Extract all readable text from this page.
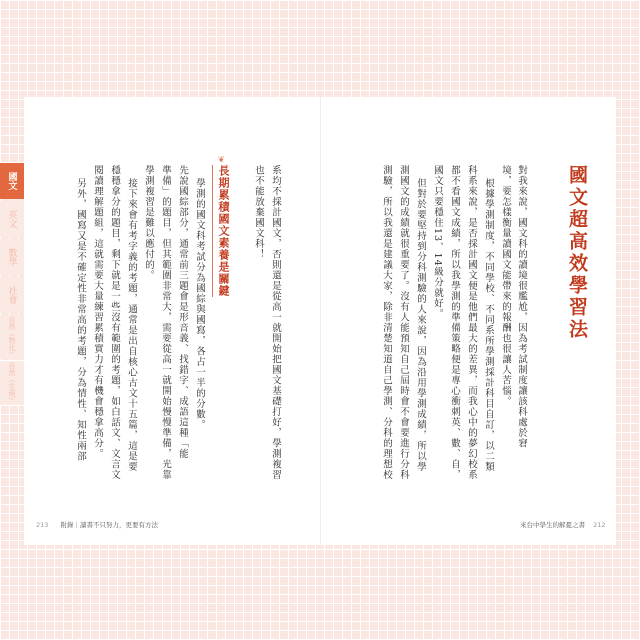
國文
英文
數學
社會
自然
（物化）
自然
（生地）
國文超高效學習法
對我來說，國文科的讀境很尷尬，因為考試制度讓該科處於窘
境，要怎樣衡量讀國文能帶來的報酬也很讓人苦惱。
根據學測制度，不同學校、不同系所學測採計科目自訂，以二類
科系來說，是否採計國文便是他們最大的差異，而我心中的夢幻校系
都不看國文成績，所以我學測的準備策略便是專心衝刺英、數、自，
國文只要穩住13、14級分就好。
但對於要堅持到分科測驗的人來說，因為沿用學測成績，所以學
測國文的成績就很重要了。沒有人能預知自己屆時會不會要進行分科
測驗，所以我還是建議大家，除非清楚知道自己學測、分科的理想校
系均不採計國文，否則還是從高一就開始把國文基礎打好，學測複習
也不能放棄國文科！
❦
長期累積國文素養是關鍵
學測的國文科考試分為國綜與國寫，各占一半的分數。
先說國綜部分，通常前三題會是形音義、找錯字、成語這種「能
準備」的題目，但其範圍非常大，需要從高一就開始慢慢準備，光靠
學測複習是難以應付的。
接下來會有考字義的考題，通常是出自核心古文十五篇，這是要
穩穩拿分的題目，剩下就是一些沒有範圍的考題，如白話文、文言文
閱讀理解題組，這就需要大量練習累積實力才有機會穩拿高分。
另外，國寫又是不確定性非常高的考題，分為情性、知性兩部
213 附錄｜讀書不只努力，更要有方法	來台中學生的解憂之書 212
